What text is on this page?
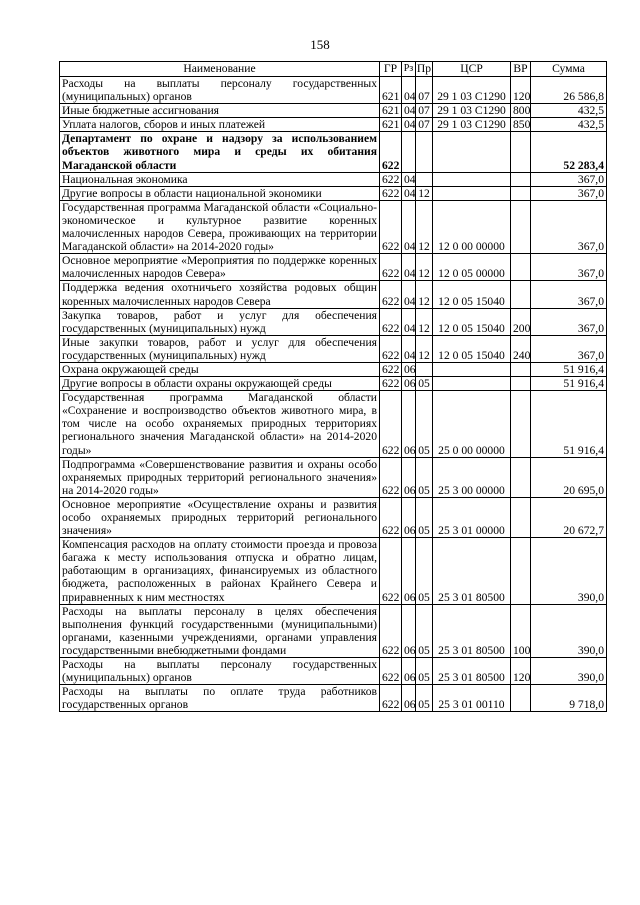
158
Наименование	ГР	Рз	Пр	ЦСР	ВР	Сумма
Расходы на выплаты персоналу государственных (муниципальных) органов	621	04	07	29 1 03 С1290	120	26 586,8
Иные бюджетные ассигнования	621	04	07	29 1 03 С1290	800	432,5
Уплата налогов, сборов и иных платежей	621	04	07	29 1 03 С1290	850	432,5
Департамент по охране и надзору за использованием объектов животного мира и среды их обитания Магаданской области	622					52 283,4
Национальная экономика	622	04				367,0
Другие вопросы в области национальной экономики	622	04	12			367,0
Государственная программа Магаданской области «Социально-экономическое и культурное развитие коренных малочисленных народов Севера, проживающих на территории Магаданской области» на 2014-2020 годы»	622	04	12	12 0 00 00000		367,0
Основное мероприятие «Мероприятия по поддержке коренных малочисленных народов Севера»	622	04	12	12 0 05 00000		367,0
Поддержка ведения охотничьего хозяйства родовых общин коренных малочисленных народов Севера	622	04	12	12 0 05 15040		367,0
Закупка товаров, работ и услуг для обеспечения государственных (муниципальных) нужд	622	04	12	12 0 05 15040	200	367,0
Иные закупки товаров, работ и услуг для обеспечения государственных (муниципальных) нужд	622	04	12	12 0 05 15040	240	367,0
Охрана окружающей среды	622	06				51 916,4
Другие вопросы в области охраны окружающей среды	622	06	05			51 916,4
Государственная программа Магаданской области «Сохранение и воспроизводство объектов животного мира, в том числе на особо охраняемых природных территориях регионального значения Магаданской области» на 2014-2020 годы»	622	06	05	25 0 00 00000		51 916,4
Подпрограмма «Совершенствование развития и охраны особо охраняемых природных территорий регионального значения» на 2014-2020 годы»	622	06	05	25 3 00 00000		20 695,0
Основное мероприятие «Осуществление охраны и развития особо охраняемых природных территорий регионального значения»	622	06	05	25 3 01 00000		20 672,7
Компенсация расходов на оплату стоимости проезда и провоза багажа к месту использования отпуска и обратно лицам, работающим в организациях, финансируемых из областного бюджета, расположенных в районах Крайнего Севера и приравненных к ним местностях	622	06	05	25 3 01 80500		390,0
Расходы на выплаты персоналу в целях обеспечения выполнения функций государственными (муниципальными) органами, казенными учреждениями, органами управления государственными внебюджетными фондами	622	06	05	25 3 01 80500	100	390,0
Расходы на выплаты персоналу государственных (муниципальных) органов	622	06	05	25 3 01 80500	120	390,0
Расходы на выплаты по оплате труда работников государственных органов	622	06	05	25 3 01 00110		9 718,0
